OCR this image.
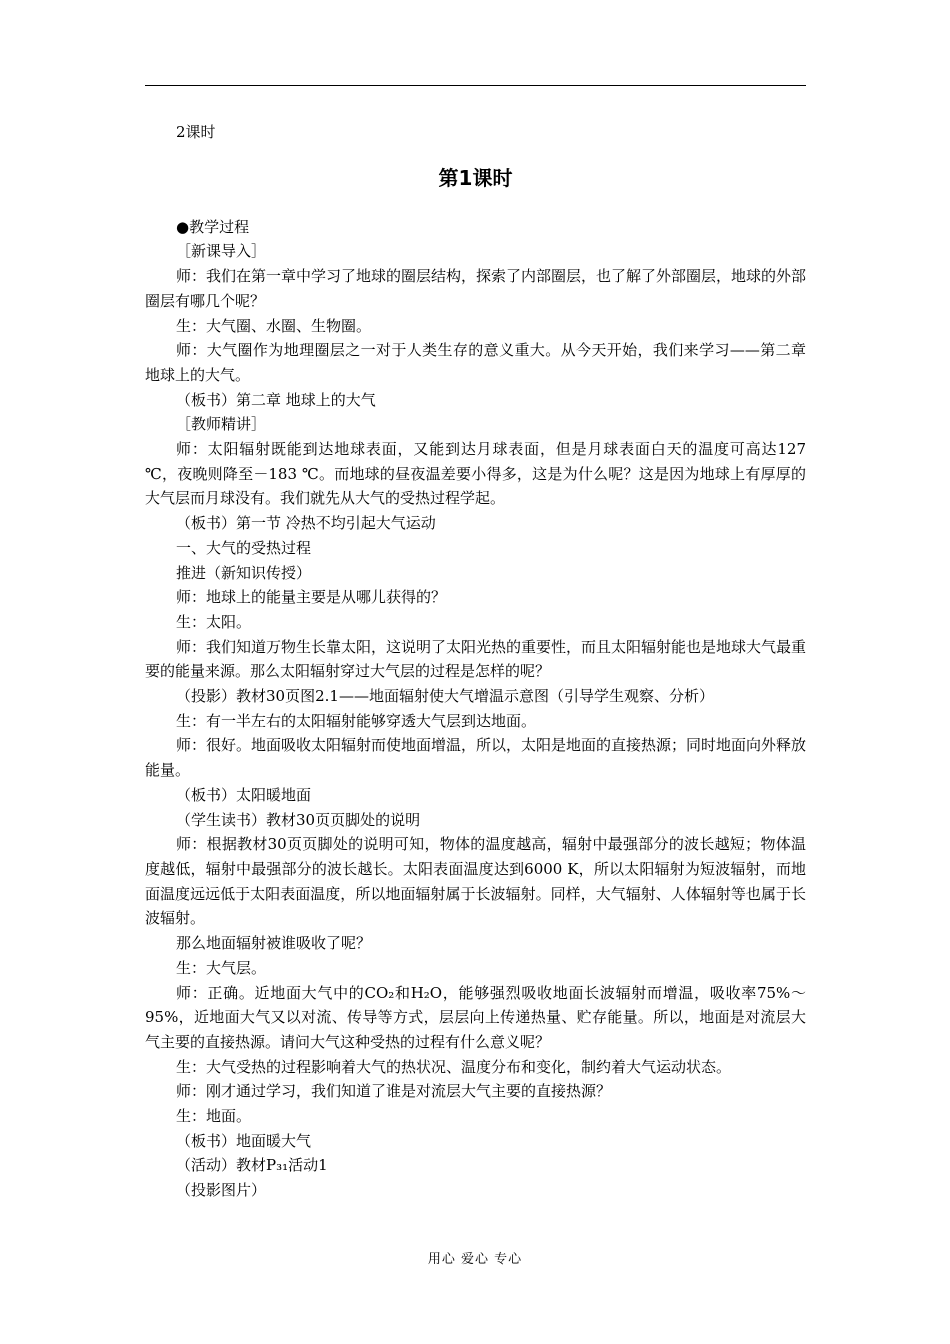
2课时
第1课时

●教学过程

［新课导入］

师：我们在第一章中学习了地球的圈层结构，探索了内部圈层，也了解了外部圈层，地球的外部圈层有哪几个呢？

生：大气圈、水圈、生物圈。

师：大气圈作为地理圈层之一对于人类生存的意义重大。从今天开始，我们来学习——第二章 地球上的大气。

（板书）第二章 地球上的大气

［教师精讲］

师：太阳辐射既能到达地球表面，又能到达月球表面，但是月球表面白天的温度可高达127 ℃，夜晚则降至－183 ℃。而地球的昼夜温差要小得多，这是为什么呢？这是因为地球上有厚厚的大气层而月球没有。我们就先从大气的受热过程学起。

（板书）第一节 冷热不均引起大气运动

一、大气的受热过程

推进（新知识传授）

师：地球上的能量主要是从哪儿获得的？

生：太阳。

师：我们知道万物生长靠太阳，这说明了太阳光热的重要性，而且太阳辐射能也是地球大气最重要的能量来源。那么太阳辐射穿过大气层的过程是怎样的呢？

（投影）教材30页图2.1——地面辐射使大气增温示意图（引导学生观察、分析）

生：有一半左右的太阳辐射能够穿透大气层到达地面。

师：很好。地面吸收太阳辐射而使地面增温，所以，太阳是地面的直接热源；同时地面向外释放能量。

（板书）太阳暖地面

（学生读书）教材30页页脚处的说明

师：根据教材30页页脚处的说明可知，物体的温度越高，辐射中最强部分的波长越短；物体温度越低，辐射中最强部分的波长越长。太阳表面温度达到6000 K，所以太阳辐射为短波辐射，而地面温度远远低于太阳表面温度，所以地面辐射属于长波辐射。同样，大气辐射、人体辐射等也属于长波辐射。

那么地面辐射被谁吸收了呢？

生：大气层。

师：正确。近地面大气中的CO₂和H₂O，能够强烈吸收地面长波辐射而增温，吸收率75%～95%，近地面大气又以对流、传导等方式，层层向上传递热量、贮存能量。所以，地面是对流层大气主要的直接热源。请问大气这种受热的过程有什么意义呢？

生：大气受热的过程影响着大气的热状况、温度分布和变化，制约着大气运动状态。

师：刚才通过学习，我们知道了谁是对流层大气主要的直接热源？

生：地面。

（板书）地面暖大气

（活动）教材P₃₁活动1

（投影图片）

用心 爱心 专心
